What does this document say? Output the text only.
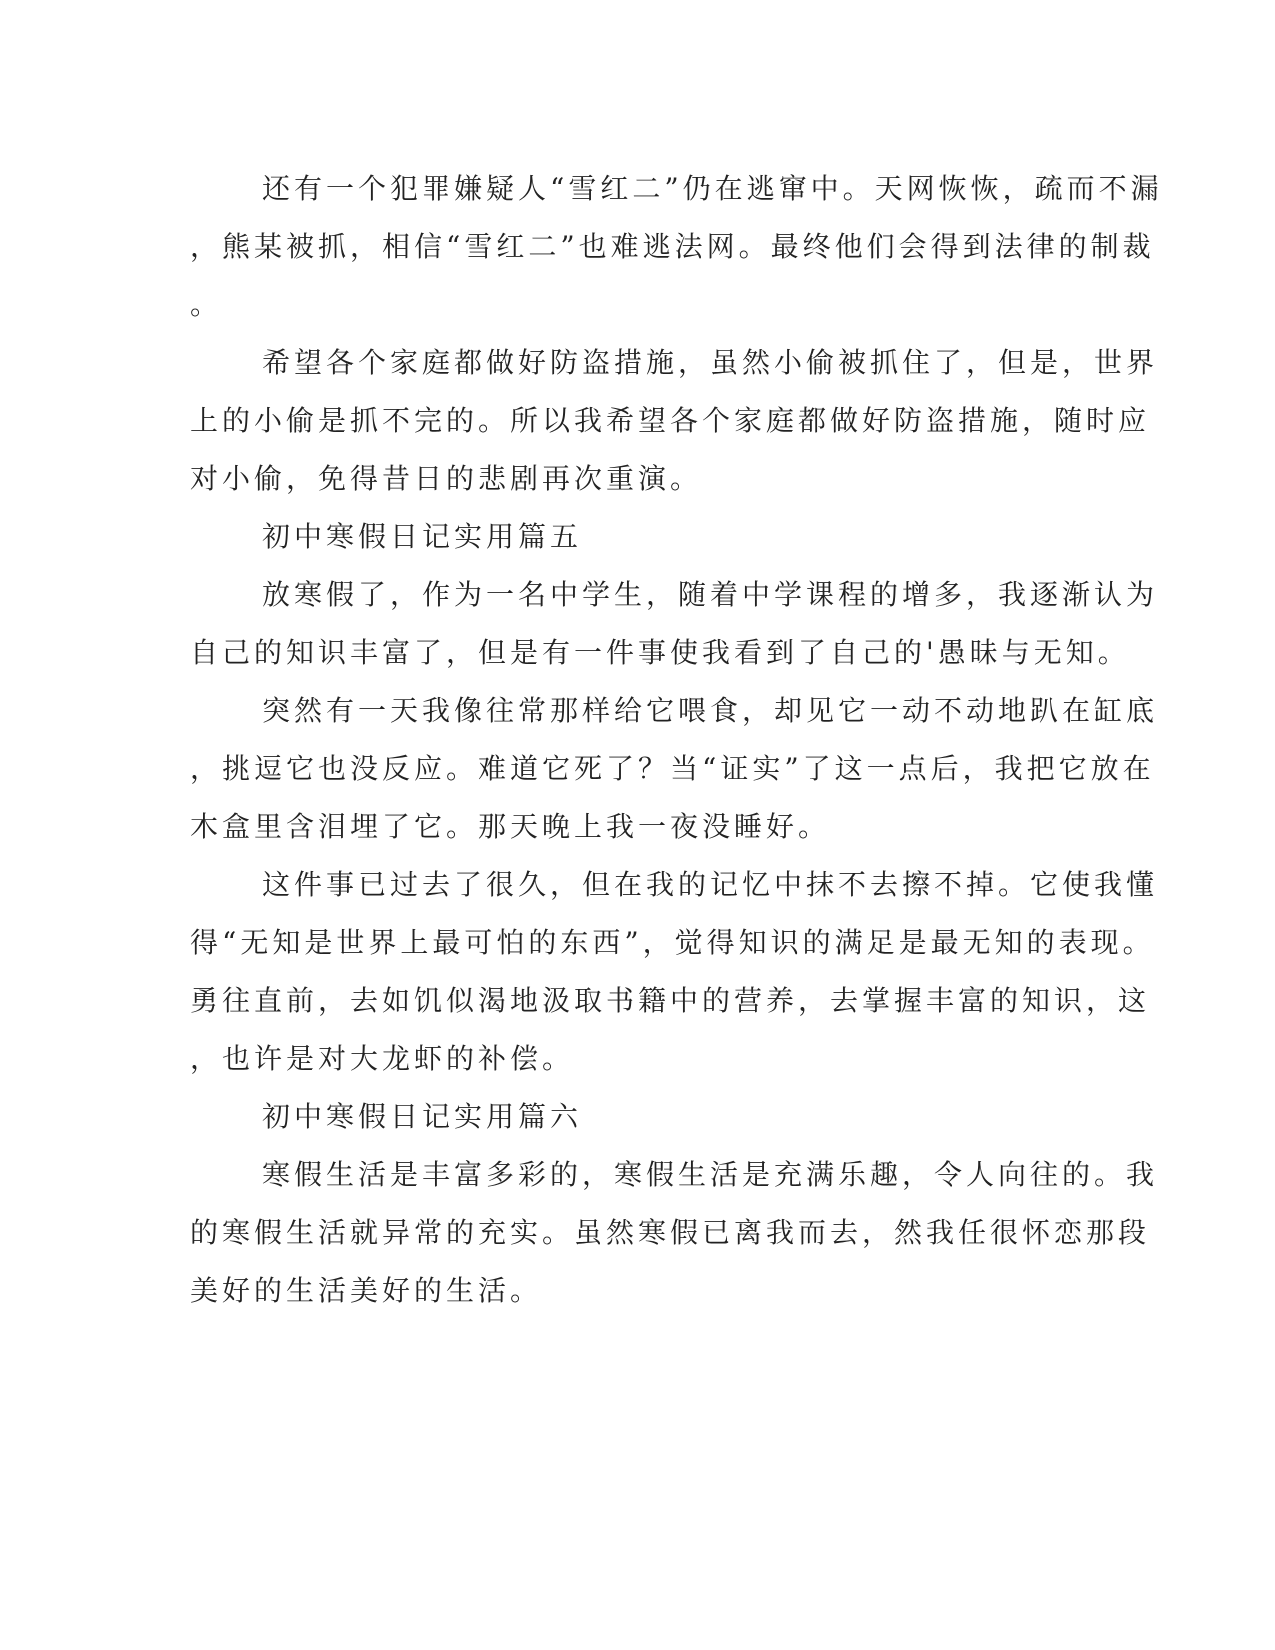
还有一个犯罪嫌疑人“雪红二”仍在逃窜中。天网恢恢，疏而不漏
，熊某被抓，相信“雪红二”也难逃法网。最终他们会得到法律的制裁
。
希望各个家庭都做好防盗措施，虽然小偷被抓住了，但是，世界
上的小偷是抓不完的。所以我希望各个家庭都做好防盗措施，随时应
对小偷，免得昔日的悲剧再次重演。
初中寒假日记实用篇五
放寒假了，作为一名中学生，随着中学课程的增多，我逐渐认为
自己的知识丰富了，但是有一件事使我看到了自己的'愚昧与无知。
突然有一天我像往常那样给它喂食，却见它一动不动地趴在缸底
，挑逗它也没反应。难道它死了？当“证实”了这一点后，我把它放在
木盒里含泪埋了它。那天晚上我一夜没睡好。
这件事已过去了很久，但在我的记忆中抹不去擦不掉。它使我懂
得“无知是世界上最可怕的东西”，觉得知识的满足是最无知的表现。
勇往直前，去如饥似渴地汲取书籍中的营养，去掌握丰富的知识，这
，也许是对大龙虾的补偿。
初中寒假日记实用篇六
寒假生活是丰富多彩的，寒假生活是充满乐趣，令人向往的。我
的寒假生活就异常的充实。虽然寒假已离我而去，然我任很怀恋那段
美好的生活美好的生活。
